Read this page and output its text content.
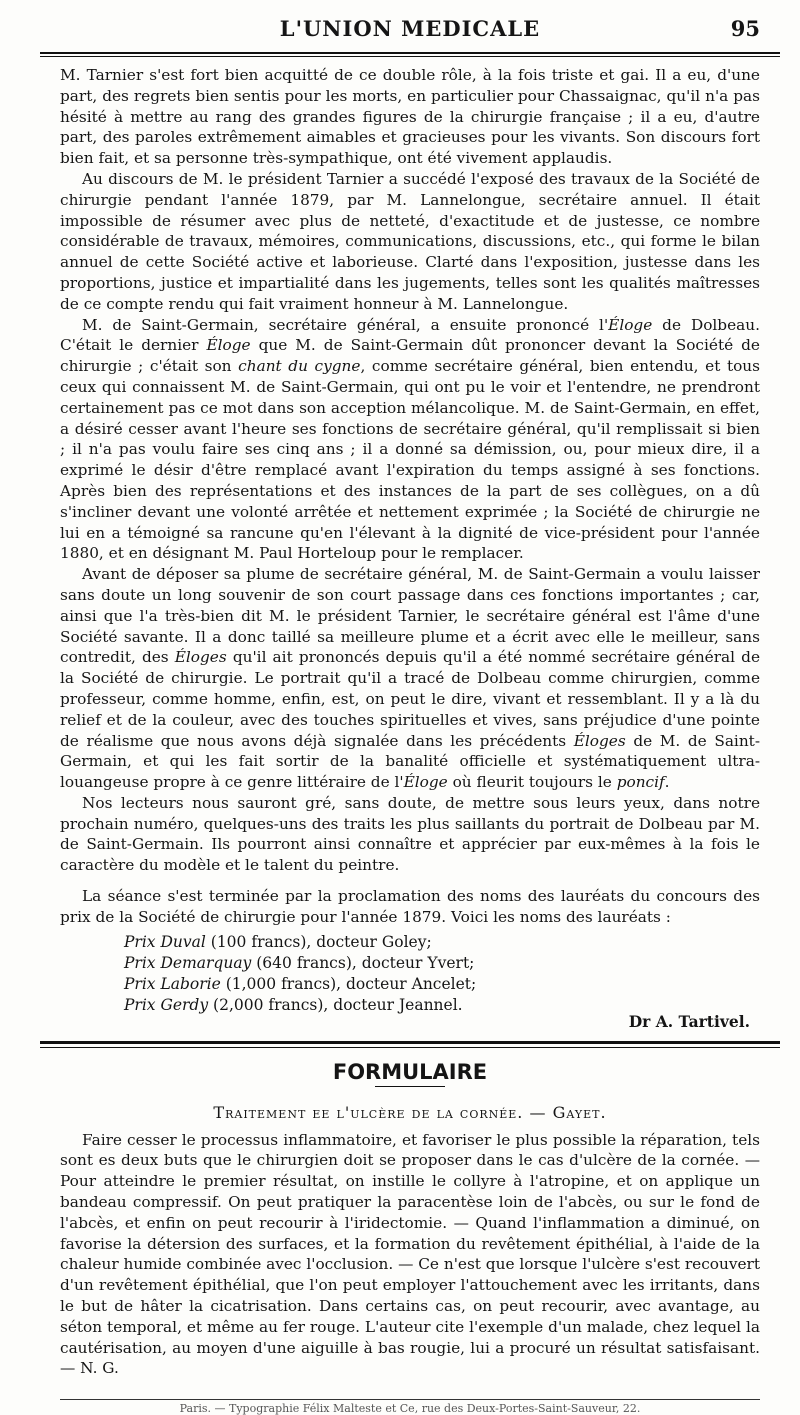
L'UNION MEDICALE	95

M. Tarnier s'est fort bien acquitté de ce double rôle, à la fois triste et gai. Il a eu, d'une part, des regrets bien sentis pour les morts, en particulier pour Chassaignac, qu'il n'a pas hésité à mettre au rang des grandes figures de la chirurgie française ; il a eu, d'autre part, des paroles extrêmement aimables et gracieuses pour les vivants. Son discours fort bien fait, et sa personne très-sympathique, ont été vivement applaudis.

Au discours de M. le président Tarnier a succédé l'exposé des travaux de la Société de chirurgie pendant l'année 1879, par M. Lannelongue, secrétaire annuel. Il était impossible de résumer avec plus de netteté, d'exactitude et de justesse, ce nombre considérable de travaux, mémoires, communications, discussions, etc., qui forme le bilan annuel de cette Société active et laborieuse. Clarté dans l'exposition, justesse dans les proportions, justice et impartialité dans les jugements, telles sont les qualités maîtresses de ce compte rendu qui fait vraiment honneur à M. Lannelongue.

M. de Saint-Germain, secrétaire général, a ensuite prononcé l'Éloge de Dolbeau. C'était le dernier Éloge que M. de Saint-Germain dût prononcer devant la Société de chirurgie ; c'était son chant du cygne, comme secrétaire général, bien entendu, et tous ceux qui connaissent M. de Saint-Germain, qui ont pu le voir et l'entendre, ne prendront certainement pas ce mot dans son acception mélancolique. M. de Saint-Germain, en effet, a désiré cesser avant l'heure ses fonctions de secrétaire général, qu'il remplissait si bien ; il n'a pas voulu faire ses cinq ans ; il a donné sa démission, ou, pour mieux dire, il a exprimé le désir d'être remplacé avant l'expiration du temps assigné à ses fonctions. Après bien des représentations et des instances de la part de ses collègues, on a dû s'incliner devant une volonté arrêtée et nettement exprimée ; la Société de chirurgie ne lui en a témoigné sa rancune qu'en l'élevant à la dignité de vice-président pour l'année 1880, et en désignant M. Paul Horteloup pour le remplacer.

Avant de déposer sa plume de secrétaire général, M. de Saint-Germain a voulu laisser sans doute un long souvenir de son court passage dans ces fonctions importantes ; car, ainsi que l'a très-bien dit M. le président Tarnier, le secrétaire général est l'âme d'une Société savante. Il a donc taillé sa meilleure plume et a écrit avec elle le meilleur, sans contredit, des Éloges qu'il ait prononcés depuis qu'il a été nommé secrétaire général de la Société de chirurgie. Le portrait qu'il a tracé de Dolbeau comme chirurgien, comme professeur, comme homme, enfin, est, on peut le dire, vivant et ressemblant. Il y a là du relief et de la couleur, avec des touches spirituelles et vives, sans préjudice d'une pointe de réalisme que nous avons déjà signalée dans les précédents Éloges de M. de Saint-Germain, et qui les fait sortir de la banalité officielle et systématiquement ultra-louangeuse propre à ce genre littéraire de l'Éloge où fleurit toujours le poncif.

Nos lecteurs nous sauront gré, sans doute, de mettre sous leurs yeux, dans notre prochain numéro, quelques-uns des traits les plus saillants du portrait de Dolbeau par M. de Saint-Germain. Ils pourront ainsi connaître et apprécier par eux-mêmes à la fois le caractère du modèle et le talent du peintre.

La séance s'est terminée par la proclamation des noms des lauréats du concours des prix de la Société de chirurgie pour l'année 1879. Voici les noms des lauréats :

Prix Duval (100 francs), docteur Goley;
Prix Demarquay (640 francs), docteur Yvert;
Prix Laborie (1,000 francs), docteur Ancelet;
Prix Gerdy (2,000 francs), docteur Jeannel.
Dr A. Tartivel.
FORMULAIRE
Traitement ee l'ulcère de la cornée. — Gayet.

Faire cesser le processus inflammatoire, et favoriser le plus possible la réparation, tels sont es deux buts que le chirurgien doit se proposer dans le cas d'ulcère de la cornée. — Pour atteindre le premier résultat, on instille le collyre à l'atropine, et on applique un bandeau compressif. On peut pratiquer la paracentèse loin de l'abcès, ou sur le fond de l'abcès, et enfin on peut recourir à l'iridectomie. — Quand l'inflammation a diminué, on favorise la détersion des surfaces, et la formation du revêtement épithélial, à l'aide de la chaleur humide combinée avec l'occlusion. — Ce n'est que lorsque l'ulcère s'est recouvert d'un revêtement épithélial, que l'on peut employer l'attouchement avec les irritants, dans le but de hâter la cicatrisation. Dans certains cas, on peut recourir, avec avantage, au séton temporal, et même au fer rouge. L'auteur cite l'exemple d'un malade, chez lequel la cautérisation, au moyen d'une aiguille à bas rougie, lui a procuré un résultat satisfaisant. — N. G.

Paris. — Typographie Félix Malteste et Ce, rue des Deux-Portes-Saint-Sauveur, 22.
